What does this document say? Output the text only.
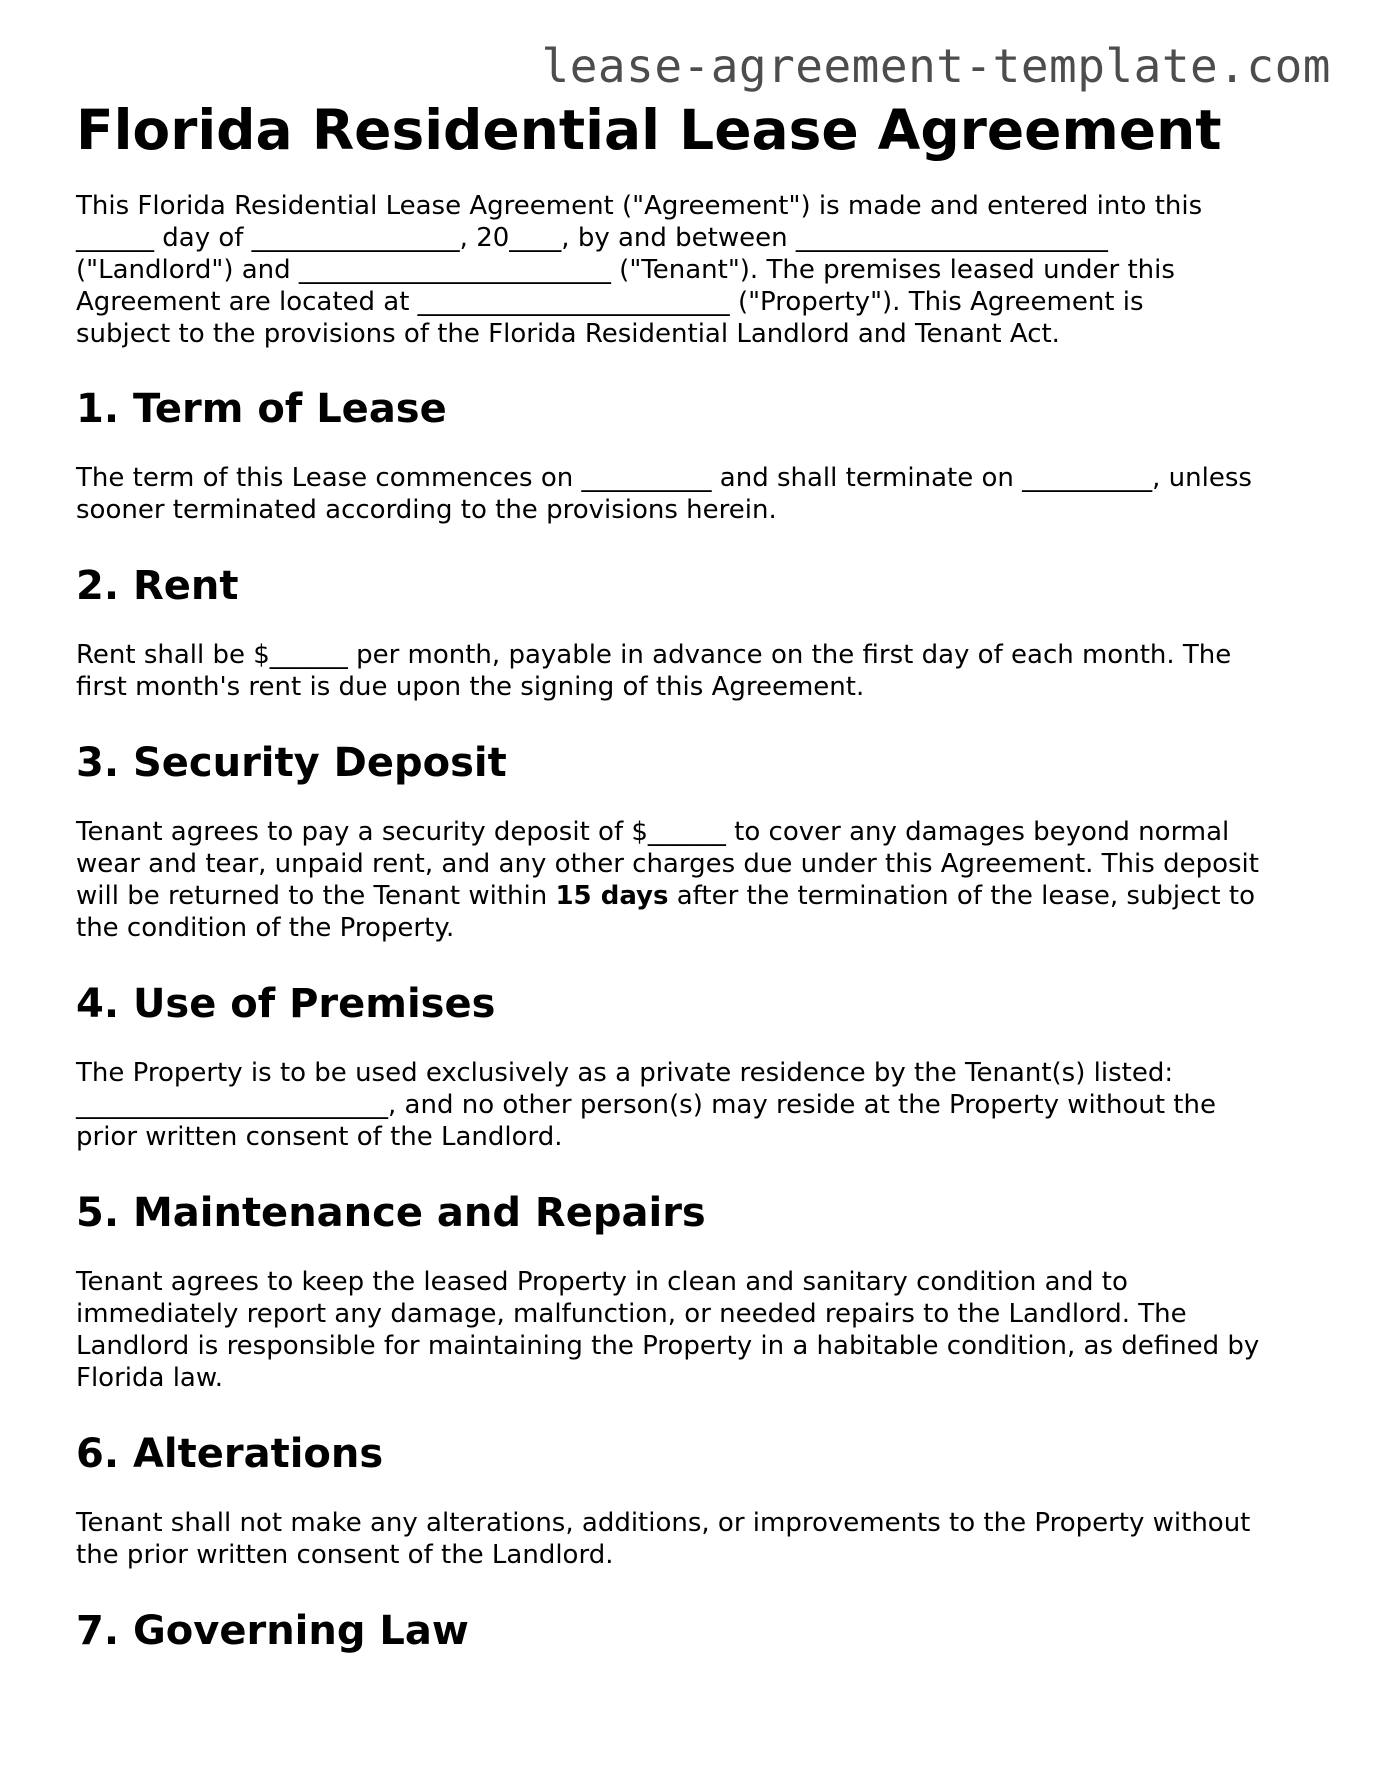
lease-agreement-template.com

Florida Residential Lease Agreement

This Florida Residential Lease Agreement ("Agreement") is made and entered into this
______ day of ________________, 20____, by and between ________________________
("Landlord") and ________________________ ("Tenant"). The premises leased under this
Agreement are located at ________________________ ("Property"). This Agreement is
subject to the provisions of the Florida Residential Landlord and Tenant Act.

1. Term of Lease

The term of this Lease commences on __________ and shall terminate on __________, unless
sooner terminated according to the provisions herein.

2. Rent

Rent shall be $______ per month, payable in advance on the first day of each month. The
first month's rent is due upon the signing of this Agreement.

3. Security Deposit

Tenant agrees to pay a security deposit of $______ to cover any damages beyond normal
wear and tear, unpaid rent, and any other charges due under this Agreement. This deposit
will be returned to the Tenant within 15 days after the termination of the lease, subject to
the condition of the Property.

4. Use of Premises

The Property is to be used exclusively as a private residence by the Tenant(s) listed:
________________________, and no other person(s) may reside at the Property without the
prior written consent of the Landlord.

5. Maintenance and Repairs

Tenant agrees to keep the leased Property in clean and sanitary condition and to
immediately report any damage, malfunction, or needed repairs to the Landlord. The
Landlord is responsible for maintaining the Property in a habitable condition, as defined by
Florida law.

6. Alterations

Tenant shall not make any alterations, additions, or improvements to the Property without
the prior written consent of the Landlord.

7. Governing Law
